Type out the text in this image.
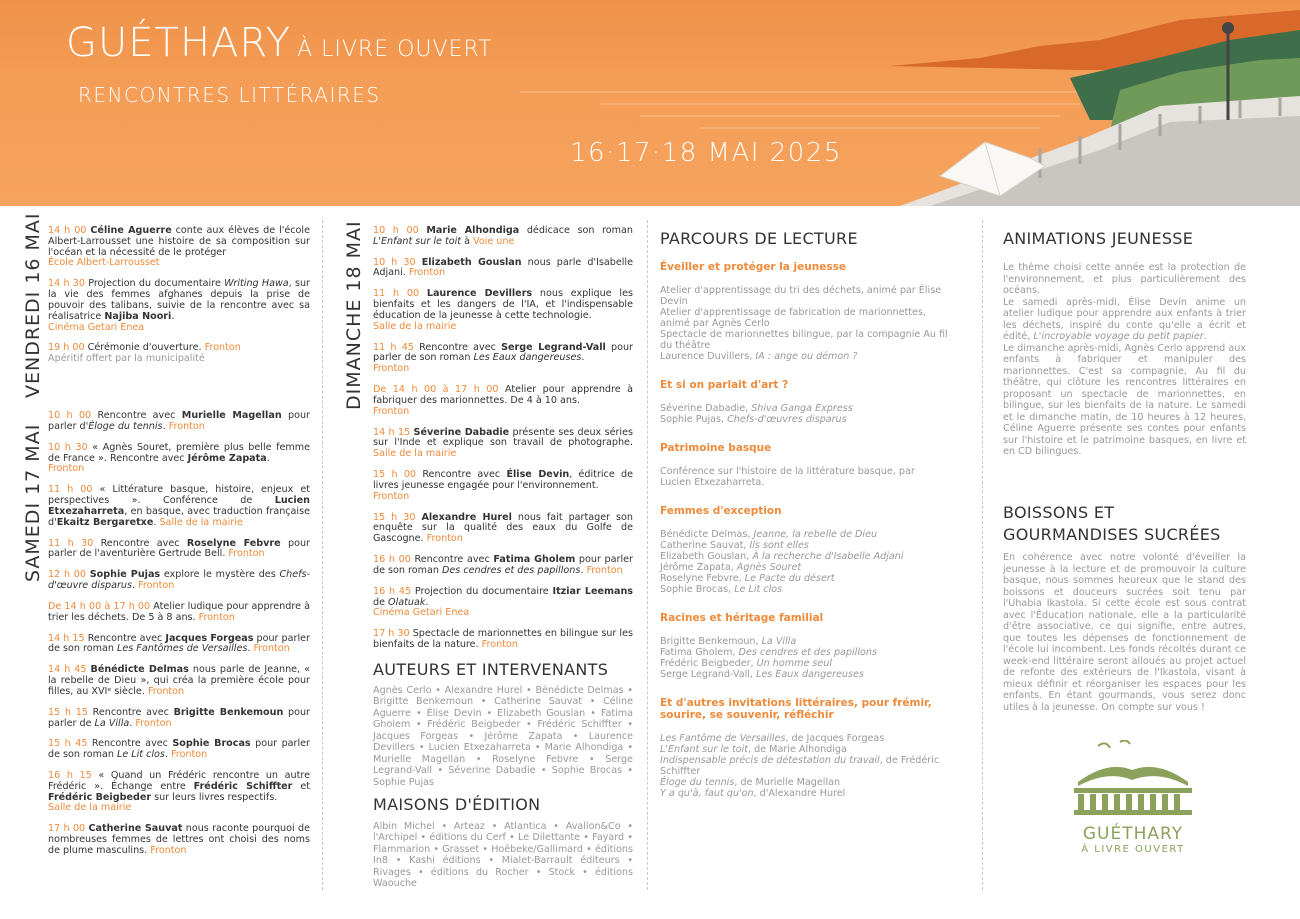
GUÉTHARY À LIVRE OUVERT
RENCONTRES LITTÉRAIRES
16·17·18 MAI 2025
VENDREDI 16 MAI
SAMEDI 17 MAI
DIMANCHE 18 MAI
14 h 00 Céline Aguerre conte aux élèves de l'école Albert-Larrousset une histoire de sa composition sur l'océan et la nécessité de le protéger
École Albert-Larrousset
14 h 30 Projection du documentaire Writing Hawa, sur la vie des femmes afghanes depuis la prise de pouvoir des talibans, suivie de la rencontre avec sa réalisatrice Najiba Noori.
Cinéma Getari Enea
19 h 00 Cérémonie d'ouverture. Fronton
Apéritif offert par la municipalité
10 h 00 Rencontre avec Murielle Magellan pour parler d'Éloge du tennis. Fronton
10 h 30 « Agnès Souret, première plus belle femme de France ». Rencontre avec Jérôme Zapata.
Fronton
11 h 00 « Littérature basque, histoire, enjeux et perspectives ». Conférence de Lucien Etxezaharreta, en basque, avec traduction française d'Ekaitz Bergaretxe. Salle de la mairie
11 h 30 Rencontre avec Roselyne Febvre pour parler de l'aventurière Gertrude Bell. Fronton
12 h 00 Sophie Pujas explore le mystère des Chefs-d'œuvre disparus. Fronton
De 14 h 00 à 17 h 00 Atelier ludique pour apprendre à trier les déchets. De 5 à 8 ans. Fronton
14 h 15 Rencontre avec Jacques Forgeas pour parler de son roman Les Fantômes de Versailles. Fronton
14 h 45 Bénédicte Delmas nous parle de Jeanne, « la rebelle de Dieu », qui créa la première école pour filles, au XVIᵉ siècle. Fronton
15 h 15 Rencontre avec Brigitte Benkemoun pour parler de La Villa. Fronton
15 h 45 Rencontre avec Sophie Brocas pour parler de son roman Le Lit clos. Fronton
16 h 15 « Quand un Frédéric rencontre un autre Frédéric ». Échange entre Frédéric Schiffter et Frédéric Beigbeder sur leurs livres respectifs.
Salle de la mairie
17 h 00 Catherine Sauvat nous raconte pourquoi de nombreuses femmes de lettres ont choisi des noms de plume masculins. Fronton
10 h 00 Marie Alhondiga dédicace son roman L'Enfant sur le toit à Voie une
10 h 30 Elizabeth Gouslan nous parle d'Isabelle Adjani. Fronton
11 h 00 Laurence Devillers nous explique les bienfaits et les dangers de l'IA, et l'indispensable éducation de la jeunesse à cette technologie.
Salle de la mairie
11 h 45 Rencontre avec Serge Legrand-Vall pour parler de son roman Les Eaux dangereuses.
Fronton
De 14 h 00 à 17 h 00 Atelier pour apprendre à fabriquer des marionnettes. De 4 à 10 ans.
Fronton
14 h 15 Séverine Dabadie présente ses deux séries sur l'Inde et explique son travail de photographe. Salle de la mairie
15 h 00 Rencontre avec Élise Devin, éditrice de livres jeunesse engagée pour l'environnement.
Fronton
15 h 30 Alexandre Hurel nous fait partager son enquête sur la qualité des eaux du Golfe de Gascogne. Fronton
16 h 00 Rencontre avec Fatima Gholem pour parler de son roman Des cendres et des papillons. Fronton
16 h 45 Projection du documentaire Itziar Leemans de Olatuak.
Cinéma Getari Enea
17 h 30 Spectacle de marionnettes en bilingue sur les bienfaits de la nature. Fronton
AUTEURS ET INTERVENANTS
Agnès Cerlo • Alexandre Hurel • Bénédicte Delmas • Brigitte Benkemoun • Catherine Sauvat • Céline Aguerre • Élise Devin • Elizabeth Gouslan • Fatima Gholem • Frédéric Beigbeder • Frédéric Schiffter • Jacques Forgeas • Jérôme Zapata • Laurence Devillers • Lucien Etxezaharreta • Marie Alhondiga • Murielle Magellan • Roselyne Febvre • Serge Legrand-Vall • Séverine Dabadie • Sophie Brocas • Sophie Pujas
MAISONS D'ÉDITION
Albin Michel • Arteaz • Atlantica • Avallon&Co • l'Archipel • éditions du Cerf • Le Dilettante • Fayard • Flammarion • Grasset • Hoëbeke/Gallimard • éditions In8 • Kashi éditions • Mialet-Barrault éditeurs • Rivages • éditions du Rocher • Stock • éditions Waouche
PARCOURS DE LECTURE
Éveiller et protéger la jeunesse
Atelier d'apprentissage du tri des déchets, animé par Élise Devin
Atelier d'apprentissage de fabrication de marionnettes, animé par Agnès Cerlo
Spectacle de marionnettes bilingue, par la compagnie Au fil du théâtre
Laurence Duvillers, IA : ange ou démon ?
Et si on parlait d'art ?
Séverine Dabadie, Shiva Ganga Express
Sophie Pujas, Chefs-d'œuvres disparus
Patrimoine basque
Conférence sur l'histoire de la littérature basque, par Lucien Etxezaharreta.
Femmes d'exception
Bénédicte Delmas, Jeanne, la rebelle de Dieu
Catherine Sauvat, Ils sont elles
Elizabeth Gouslan, À la recherche d'Isabelle Adjani
Jérôme Zapata, Agnès Souret
Roselyne Febvre, Le Pacte du désert
Sophie Brocas, Le Lit clos
Racines et héritage familial
Brigitte Benkemoun, La Villa
Fatima Gholem, Des cendres et des papillons
Frédéric Beigbeder, Un homme seul
Serge Legrand-Vall, Les Eaux dangereuses
Et d'autres invitations littéraires, pour frémir, sourire, se souvenir, réfléchir
Les Fantôme de Versailles, de Jacques Forgeas
L'Enfant sur le toit, de Marie Alhondiga
Indispensable précis de détestation du travail, de Frédéric Schiffter
Éloge du tennis, de Murielle Magellan
Y a qu'à, faut qu'on, d'Alexandre Hurel
ANIMATIONS JEUNESSE
Le thème choisi cette année est la protection de l'environnement, et plus particulièrement des océans.
Le samedi après-midi, Élise Devin anime un atelier ludique pour apprendre aux enfants à trier les déchets, inspiré du conte qu'elle a écrit et édité, L'incroyable voyage du petit papier.
Le dimanche après-midi, Agnès Cerlo apprend aux enfants à fabriquer et manipuler des marionnettes. C'est sa compagnie, Au fil du théâtre, qui clôture les rencontres littéraires en proposant un spectacle de marionnettes, en bilingue, sur les bienfaits de la nature. Le samedi et le dimanche matin, de 10 heures à 12 heures, Céline Aguerre présente ses contes pour enfants sur l'histoire et le patrimoine basques, en livre et en CD bilingues.
BOISSONS ET GOURMANDISES SUCRÉES
En cohérence avec notre volonté d'éveiller la jeunesse à la lecture et de promouvoir la culture basque, nous sommes heureux que le stand des boissons et douceurs sucrées soit tenu par l'Uhabia Ikastola. Si cette école est sous contrat avec l'Éducation nationale, elle a la particularité d'être associative, ce qui signifie, entre autres, que toutes les dépenses de fonctionnement de l'école lui incombent. Les fonds récoltés durant ce week-end littéraire seront alloués au projet actuel de refonte des extérieurs de l'Ikastola, visant à mieux définir et réorganiser les espaces pour les enfants. En étant gourmands, vous serez donc utiles à la jeunesse. On compte sur vous !
GUÉTHARY
À LIVRE OUVERT
